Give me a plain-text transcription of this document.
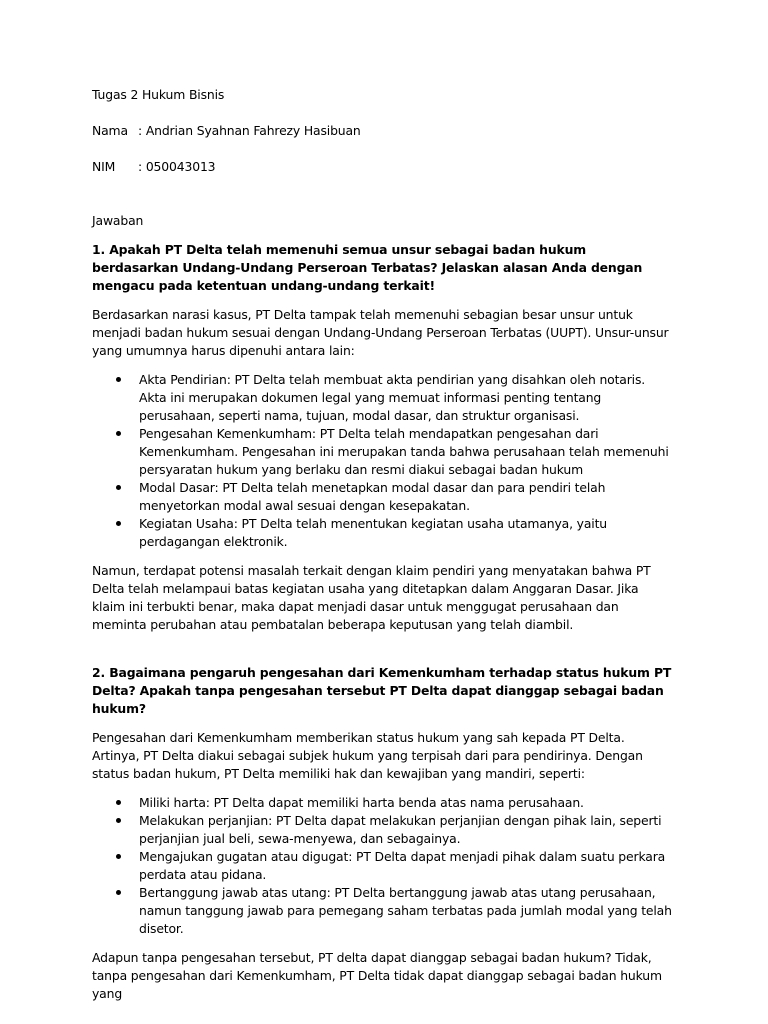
Tugas 2 Hukum Bisnis

Nama : Andrian Syahnan Fahrezy Hasibuan
NIM	: 050043013

Jawaban

1. Apakah PT Delta telah memenuhi semua unsur sebagai badan hukum berdasarkan Undang-Undang Perseroan Terbatas? Jelaskan alasan Anda dengan mengacu pada ketentuan undang-undang terkait!

Berdasarkan narasi kasus, PT Delta tampak telah memenuhi sebagian besar unsur untuk menjadi badan hukum sesuai dengan Undang-Undang Perseroan Terbatas (UUPT). Unsur-unsur yang umumnya harus dipenuhi antara lain:

Akta Pendirian: PT Delta telah membuat akta pendirian yang disahkan oleh notaris. Akta ini merupakan dokumen legal yang memuat informasi penting tentang perusahaan, seperti nama, tujuan, modal dasar, dan struktur organisasi.
Pengesahan Kemenkumham: PT Delta telah mendapatkan pengesahan dari Kemenkumham. Pengesahan ini merupakan tanda bahwa perusahaan telah memenuhi persyaratan hukum yang berlaku dan resmi diakui sebagai badan hukum
Modal Dasar: PT Delta telah menetapkan modal dasar dan para pendiri telah menyetorkan modal awal sesuai dengan kesepakatan.
Kegiatan Usaha: PT Delta telah menentukan kegiatan usaha utamanya, yaitu perdagangan elektronik.

Namun, terdapat potensi masalah terkait dengan klaim pendiri yang menyatakan bahwa PT Delta telah melampaui batas kegiatan usaha yang ditetapkan dalam Anggaran Dasar. Jika klaim ini terbukti benar, maka dapat menjadi dasar untuk menggugat perusahaan dan meminta perubahan atau pembatalan beberapa keputusan yang telah diambil.

2. Bagaimana pengaruh pengesahan dari Kemenkumham terhadap status hukum PT Delta? Apakah tanpa pengesahan tersebut PT Delta dapat dianggap sebagai badan hukum?

Pengesahan dari Kemenkumham memberikan status hukum yang sah kepada PT Delta. Artinya, PT Delta diakui sebagai subjek hukum yang terpisah dari para pendirinya. Dengan status badan hukum, PT Delta memiliki hak dan kewajiban yang mandiri, seperti:

Miliki harta: PT Delta dapat memiliki harta benda atas nama perusahaan.
Melakukan perjanjian: PT Delta dapat melakukan perjanjian dengan pihak lain, seperti perjanjian jual beli, sewa-menyewa, dan sebagainya.
Mengajukan gugatan atau digugat: PT Delta dapat menjadi pihak dalam suatu perkara perdata atau pidana.
Bertanggung jawab atas utang: PT Delta bertanggung jawab atas utang perusahaan, namun tanggung jawab para pemegang saham terbatas pada jumlah modal yang telah disetor.

Adapun tanpa pengesahan tersebut, PT delta dapat dianggap sebagai badan hukum? Tidak, tanpa pengesahan dari Kemenkumham, PT Delta tidak dapat dianggap sebagai badan hukum yang
